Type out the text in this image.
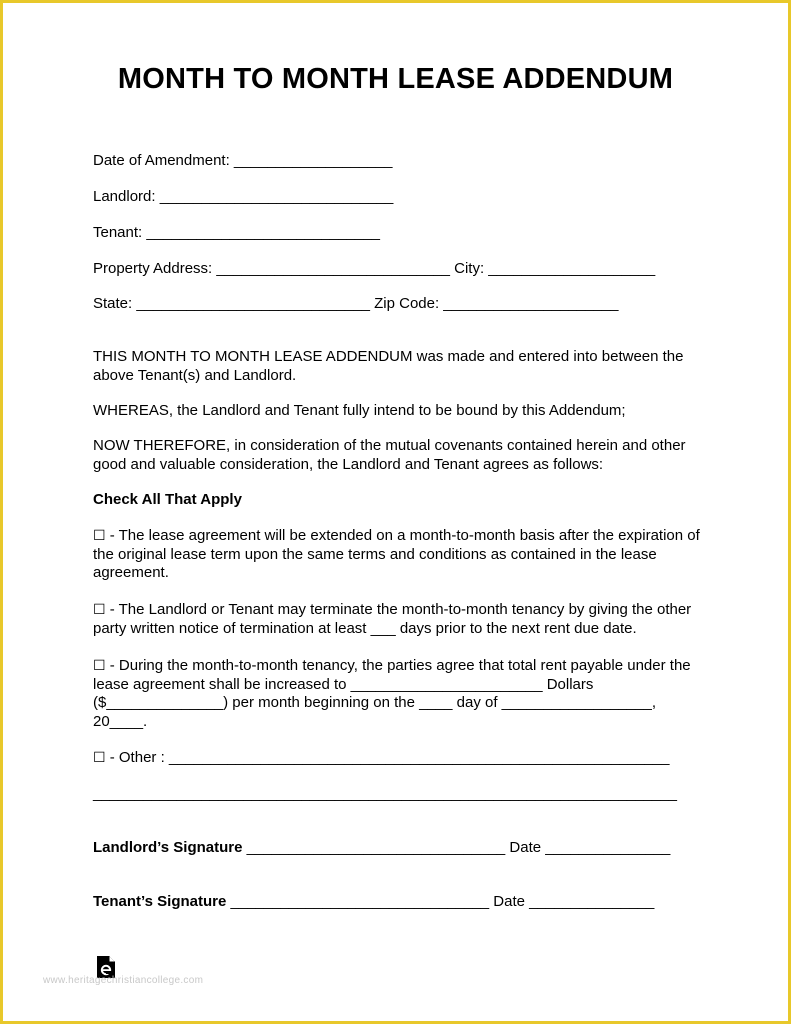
MONTH TO MONTH LEASE ADDENDUM
Date of Amendment: ___________________
Landlord: ____________________________
Tenant: ____________________________
Property Address: ____________________________ City: ____________________
State: ____________________________ Zip Code: _____________________
THIS MONTH TO MONTH LEASE ADDENDUM was made and entered into between the above Tenant(s) and Landlord.
WHEREAS, the Landlord and Tenant fully intend to be bound by this Addendum;
NOW THEREFORE, in consideration of the mutual covenants contained herein and other good and valuable consideration, the Landlord and Tenant agrees as follows:
Check All That Apply
☐ - The lease agreement will be extended on a month-to-month basis after the expiration of the original lease term upon the same terms and conditions as contained in the lease agreement.
☐ - The Landlord or Tenant may terminate the month-to-month tenancy by giving the other party written notice of termination at least ___ days prior to the next rent due date.
☐ - During the month-to-month tenancy, the parties agree that total rent payable under the lease agreement shall be increased to _______________________ Dollars ($______________) per month beginning on the ____ day of __________________, 20____.
☐ - Other : ____________________________________________________________
______________________________________________________________________
Landlord’s Signature _______________________________ Date _______________
Tenant’s Signature _______________________________ Date _______________
www.heritagechristiancollege.com
